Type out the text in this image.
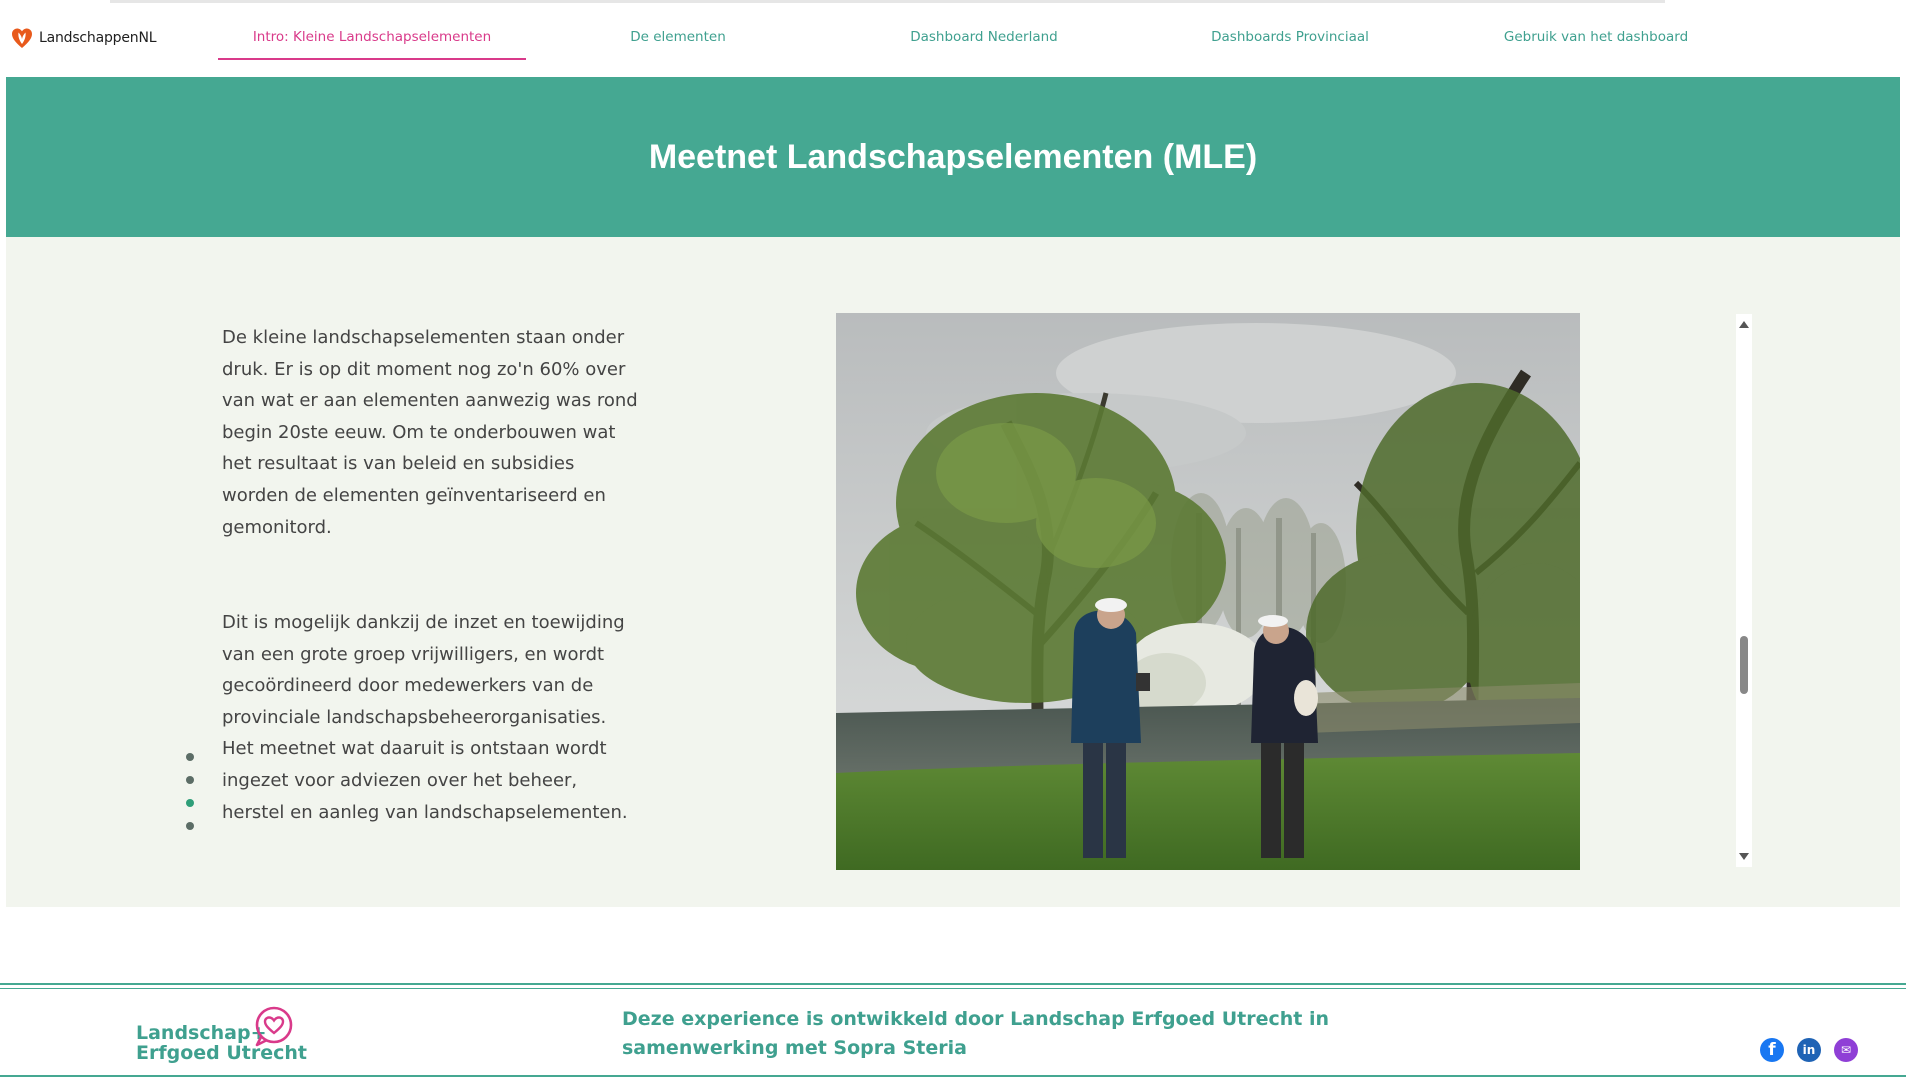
LandschappenNL	Intro: Kleine Landschapselementen	De elementen	Dashboard Nederland	Dashboards Provinciaal	Gebruik van het dashboard
Meetnet Landschapselementen (MLE)

De kleine landschapselementen staan onder druk. Er is op dit moment nog zo'n 60% over van wat er aan elementen aanwezig was rond begin 20ste eeuw. Om te onderbouwen wat het resultaat is van beleid en subsidies worden de elementen geïnventariseerd en gemonitord.

Dit is mogelijk dankzij de inzet en toewijding van een grote groep vrijwilligers, en wordt gecoördineerd door medewerkers van de provinciale landschapsbeheerorganisaties. Het meetnet wat daaruit is ontstaan wordt ingezet voor adviezen over het beheer, herstel en aanleg van landschapselementen.

Landschap+
Erfgoed Utrecht

Deze experience is ontwikkeld door Landschap Erfgoed Utrecht in samenwerking met Sopra Steria	f	in	✉
